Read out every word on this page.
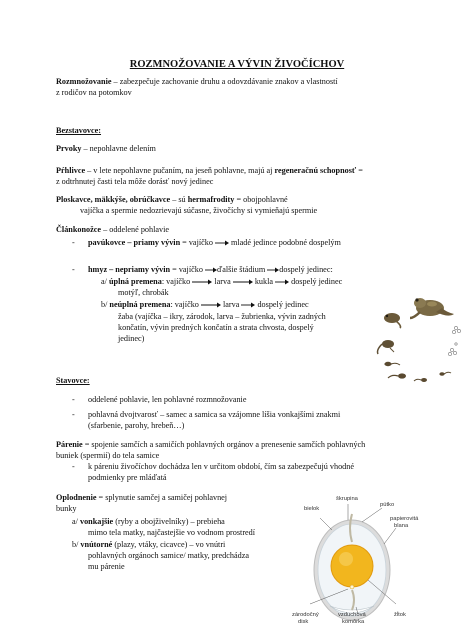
ROZMNOŽOVANIE A VÝVIN ŽIVOČÍCHOV
Rozmnožovanie – zabezpečuje zachovanie druhu a odovzdávanie znakov a vlastností
z rodičov na potomkov
Bezstavovce:
Prvoky – nepohlavne delením
Pŕhlivce – v lete nepohlavne pučaním, na jeseň pohlavne, majú aj regeneračnú schopnosť =
z odtrhnutej časti tela môže dorásť nový jedinec
Ploskavce, mäkkýše, obrúčkavce – sú hermafrodity = obojpohlavné
vajíčka a spermie nedozrievajú súčasne, živočíchy si vymieňajú spermie
Článkonožce – oddelené pohlavie
- pavúkovce – priamy vývin = vajíčko  mladé jedince podobné dospelým
- hmyz – nepriamy vývin = vajíčko ďalšie štádium dospelý jedinec:
a/ úplná premena: vajíčko  larva  kukla  dospelý jedinec
motýľ, chrobák
b/ neúplná premena: vajíčko  larva  dospelý jedinec
žaba (vajíčka – ikry, zárodok, larva – žubrienka, vývin zadných
končatín, vývin predných končatín a strata chvosta, dospelý
jedinec)
Stavovce:
- oddelené pohlavie, len pohlavné rozmnožovanie
- pohlavná dvojtvarosť – samec a samica sa vzájomne líšia vonkajšími znakmi
(sfarbenie, parohy, hrebeň…)
Párenie = spojenie samčích a samičích pohlavných orgánov a prenesenie samčích pohlavných
buniek (spermií) do tela samice
- k páreniu živočíchov dochádza len v určitom období, čím sa zabezpečujú vhodné
podmienky pre mláďatá
Oplodnenie = splynutie samčej a samičej pohlavnej
bunky
a/ vonkajšie (ryby a obojživelníky) – prebieha
mimo tela matky, najčastejšie vo vodnom prostredí
b/ vnútorné (plazy, vtáky, cicavce) – vo vnútri
pohlavných orgánoch samice/ matky, predchádza
mu párenie
bielok
škrupina
pútko
papierovitá
blana
zárodočný
disk
vzduchová
komôrka
žĺtok
